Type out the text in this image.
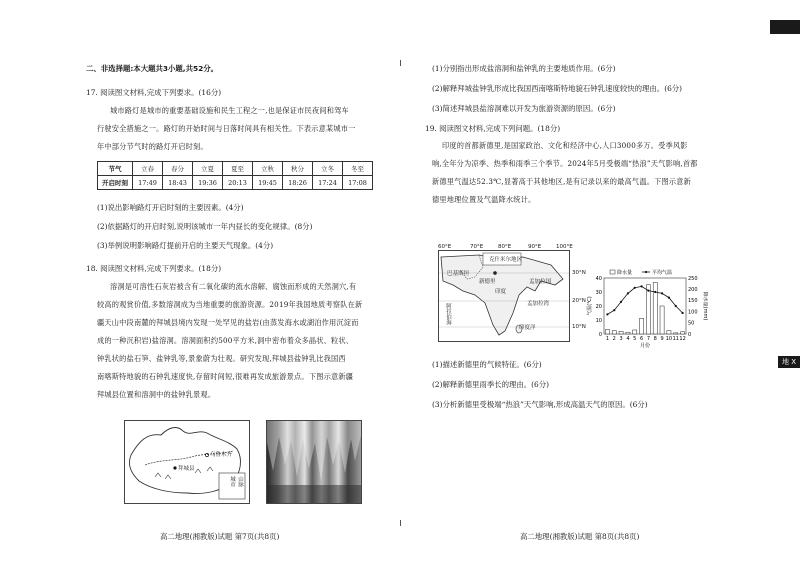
地 X
二、非选择题:本大题共3小题,共52分。
17. 阅读图文材料,完成下列要求。(16分)
城市路灯是城市的重要基础设施和民生工程之一,也是保证市民夜间和驾车
行驶安全措施之一。路灯的开始时间与日落时间具有相关性。下表示意某城市一
年中部分节气时的路灯开启时刻。
节气	立春	春分	立夏	夏至	立秋	秋分	立冬	冬至
开启时刻	17:49	18:43	19:36	20:13	19:45	18:26	17:24	17:08
(1)说出影响路灯开启时刻的主要因素。(4分)
(2)依据路灯的开启时刻,说明该城市一年内昼长的变化规律。(8分)
(3)举例说明影响路灯提前开启的主要天气现象。(4分)
18. 阅读图文材料,完成下列要求。(18分)
溶洞是可溶性石灰岩被含有二氧化碳的流水溶解、腐蚀而形成的天然洞穴,有
较高的观赏价值,多数溶洞成为当地重要的旅游资源。2019年我国地质考察队在新
疆天山中段南麓的拜城县境内发现一处罕见的盐岩(由蒸发海水或湖泊作用沉淀而
成的一种沉积岩)盐溶洞。溶洞面积约500平方米,洞中密布着众多晶状、粒状、
钟乳状的盐石笋、盐钟乳等,景象蔚为壮观。研究发现,拜城县盐钟乳比我国西
南喀斯特地貌的石钟乳速度快,存留时间短,很难再发成旅游景点。下图示意新疆
拜城县位置和溶洞中的盐钟乳景观。
乌鲁木齐
拜城县
城市 山脉
高二地理(湘教版)试题 第7页(共8页)
(1)分别指出形成盐溶洞和盐钟乳的主要地质作用。(6分)
(2)解释拜城盐钟乳形成比我国西南喀斯特地貌石钟乳速度较快的理由。(6分)
(3)简述拜城县盐溶洞难以开发为旅游资源的原因。(6分)
19. 阅读图文材料,完成下列问题。(18分)
印度的首都新德里,是国家政治、文化和经济中心,人口3000多万。受季风影
响,全年分为凉季、热季和雨季三个季节。2024年5月受极端“热浪”天气影响,首都
新德里气温达52.3℃,显著高于其他地区,是有记录以来的最高气温。下图示意新
德里地理位置及气温降水统计。
克什米尔地区
巴基斯坦
新德里
印度
孟加拉国
孟加拉湾
阿拉伯海
印度洋
60°E	70°E	80°E	90°E	100°E
30°N
20°N
10°N
0
10
20
30
40
0
50
100
150
200
250
1 2 3 4 5 6 7 8 9 10 11 12
月份
气温(℃)	降水量(mm)
降水量	平均气温
(1)描述新德里的气候特征。(6分)
(2)解释新德里雨季长的理由。(6分)
(3)分析新德里受极端“热浪”天气影响,形成高温天气的原因。(6分)
高二地理(湘教版)试题 第8页(共8页)
